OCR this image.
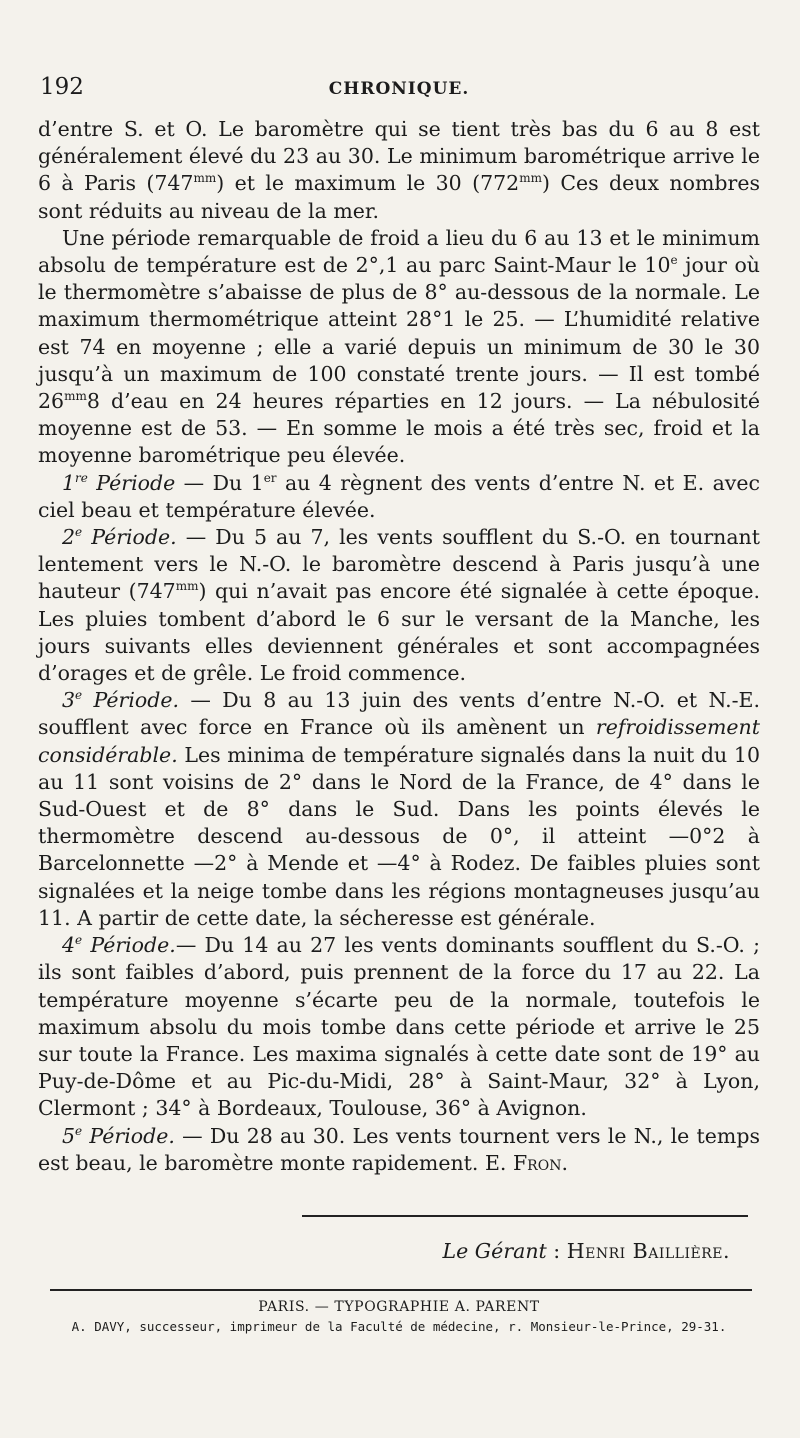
192	CHRONIQUE.

d’entre S. et O. Le baromètre qui se tient très bas du 6 au 8 est généralement élevé du 23 au 30. Le minimum barométrique arrive le 6 à Paris $(747^{mm})$ et le maximum le 30 $(772^{mm})$ Ces deux nombres sont réduits au niveau de la mer.

Une période remarquable de froid a lieu du 6 au 13 et le minimum absolu de température est de 2°,1 au parc Saint-Maur le 10e jour où le thermomètre s’abaisse de plus de 8° au-dessous de la normale. Le maximum thermométrique atteint 28°1 le 25. — L’humidité relative est 74 en moyenne ; elle a varié depuis un minimum de 30 le 30 jusqu’à un maximum de 100 constaté trente jours. — Il est tombé $26^{mm}8$ d’eau en 24 heures réparties en 12 jours. — La nébulosité moyenne est de 53. — En somme le mois a été très sec, froid et la moyenne barométrique peu élevée.

1re Période — Du 1er au 4 règnent des vents d’entre N. et E. avec ciel beau et température élevée.

2e Période. — Du 5 au 7, les vents soufflent du S.-O. en tournant lentement vers le N.-O. le baromètre descend à Paris jusqu’à une hauteur $(747^{mm})$ qui n’avait pas encore été signalée à cette époque. Les pluies tombent d’abord le 6 sur le versant de la Manche, les jours suivants elles deviennent générales et sont accompagnées d’orages et de grêle. Le froid commence.

3e Période. — Du 8 au 13 juin des vents d’entre N.-O. et N.-E. soufflent avec force en France où ils amènent un refroidissement considérable. Les minima de température signalés dans la nuit du 10 au 11 sont voisins de 2° dans le Nord de la France, de 4° dans le Sud-Ouest et de 8° dans le Sud. Dans les points élevés le thermomètre descend au-dessous de 0°, il atteint —0°2 à Barcelonnette —2° à Mende et —4° à Rodez. De faibles pluies sont signalées et la neige tombe dans les régions montagneuses jusqu’au 11. A partir de cette date, la sécheresse est générale.

4e Période.— Du 14 au 27 les vents dominants soufflent du S.-O. ; ils sont faibles d’abord, puis prennent de la force du 17 au 22. La température moyenne s’écarte peu de la normale, toutefois le maximum absolu du mois tombe dans cette période et arrive le 25 sur toute la France. Les maxima signalés à cette date sont de 19° au Puy-de-Dôme et au Pic-du-Midi, 28° à Saint-Maur, 32° à Lyon, Clermont ; 34° à Bordeaux, Toulouse, 36° à Avignon.

5e Période. — Du 28 au 30. Les vents tournent vers le N., le temps est beau, le baromètre monte rapidement. E. Fron.

Le Gérant : Henri Baillière.
PARIS. — TYPOGRAPHIE A. PARENT
A. DAVY, successeur, imprimeur de la Faculté de médecine, r. Monsieur-le-Prince, 29-31.
